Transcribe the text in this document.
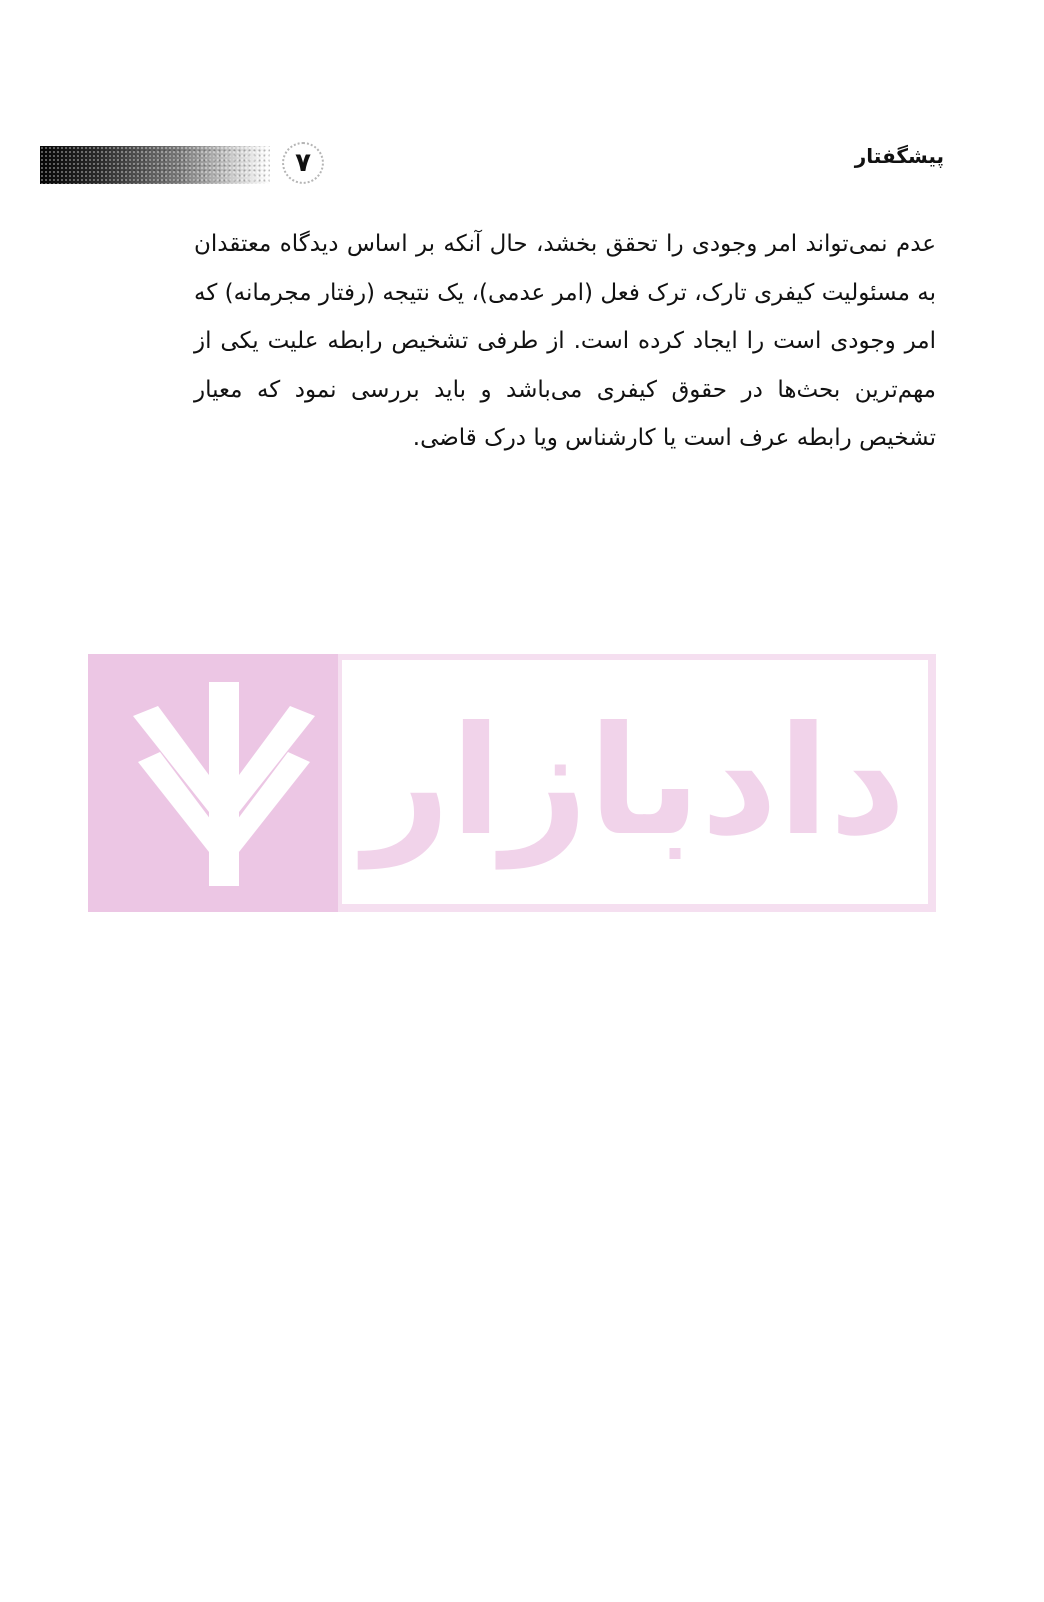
۷	پیشگفتار

عدم نمی‌تواند امر وجودی را تحقق بخشد، حال آنکه بر اساس دیدگاه معتقدان به مسئولیت کیفری تارک، ترک فعل (امر عدمی)، یک نتیجه (رفتار مجرمانه) که امر وجودی است را ایجاد کرده است. از طرفی تشخیص رابطه علیت یکی از مهم‌ترین بحث‌ها در حقوق کیفری می‌باشد و باید بررسی نمود که معیار تشخیص رابطه عرف است یا کارشناس ویا درک قاضی.

دادبازار
